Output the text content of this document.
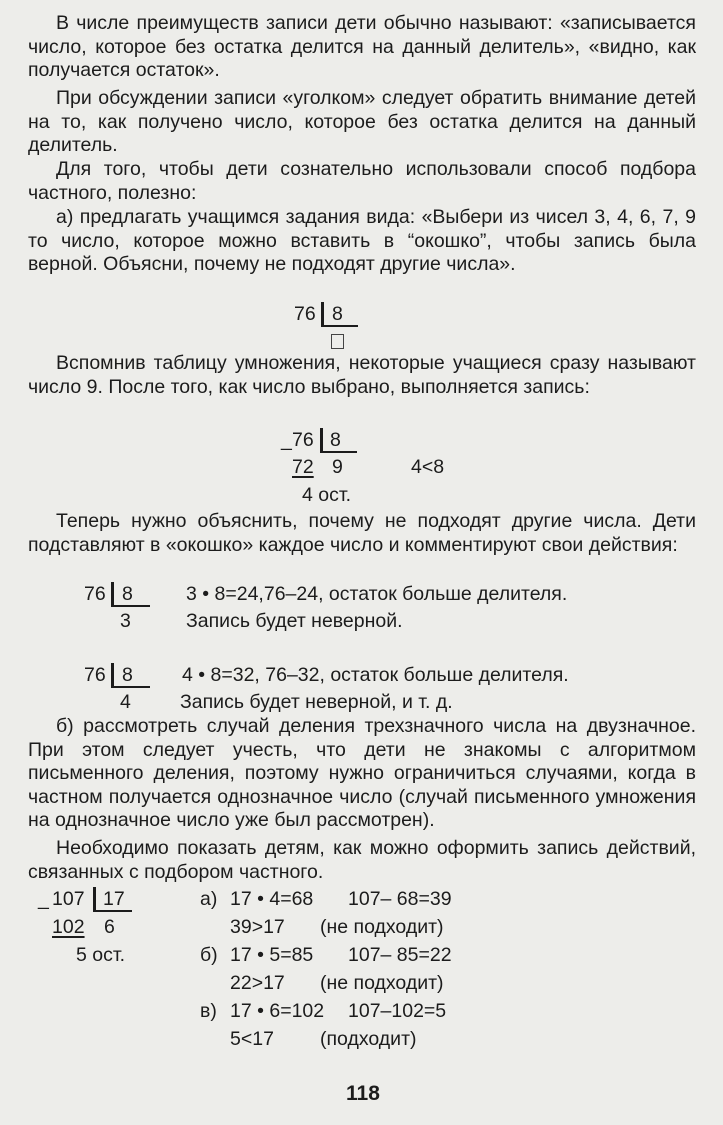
В числе преимуществ записи дети обычно называют: «записывается число, которое без остатка делится на данный делитель», «видно, как получается остаток».
При обсуждении записи «уголком» следует обратить внимание детей на то, как получено число, которое без остатка делится на данный делитель.
Для того, чтобы дети сознательно использовали способ подбора частного, полезно:
а) предлагать учащимся задания вида: «Выбери из чисел 3, 4, 6, 7, 9 то число, которое можно вставить в “окошко”, чтобы запись была верной. Объясни, почему не подходят другие числа».
76 8
Вспомнив таблицу умножения, некоторые учащиеся сразу называют число 9. После того, как число выбрано, выполняется запись:
_ 76 8
72 9	4<8
4 ост.
Теперь нужно объяснить, почему не подходят другие числа. Дети подставляют в «окошко» каждое число и комментируют свои действия:
76 8
3
3 • 8=24,76–24, остаток больше делителя.
Запись будет неверной.
76 8
4
4 • 8=32, 76–32, остаток больше делителя.
Запись будет неверной, и т. д.
б) рассмотреть случай деления трехзначного числа на двузначное. При этом следует учесть, что дети не знакомы с алгоритмом письменного деления, поэтому нужно ограничиться случаями, когда в частном получается однозначное число (случай письменного умножения на однозначное число уже был рассмотрен).
Необходимо показать детям, как можно оформить запись действий, связанных с подбором частного.
_ 107 17
102 6
5 ост.
а) 17 • 4=68 107– 68=39
39>17 (не подходит)
б) 17 • 5=85 107– 85=22
22>17 (не подходит)
в) 17 • 6=102 107–102=5
5<17 (подходит)
118
